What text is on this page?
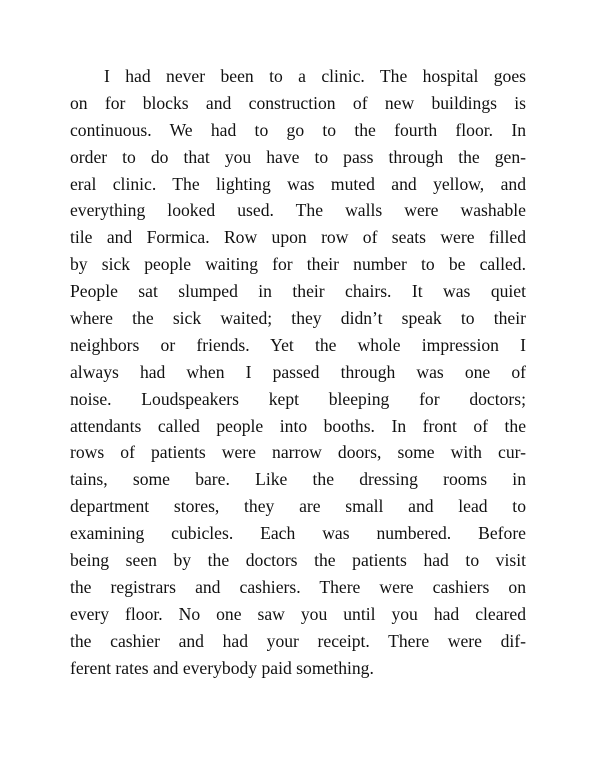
I had never been to a clinic. The hospital goes
on for blocks and construction of new buildings is
continuous. We had to go to the fourth floor. In
order to do that you have to pass through the gen-
eral clinic. The lighting was muted and yellow, and
everything looked used. The walls were washable
tile and Formica. Row upon row of seats were filled
by sick people waiting for their number to be called.
People sat slumped in their chairs. It was quiet
where the sick waited; they didn’t speak to their
neighbors or friends. Yet the whole impression I
always had when I passed through was one of
noise. Loudspeakers kept bleeping for doctors;
attendants called people into booths. In front of the
rows of patients were narrow doors, some with cur-
tains, some bare. Like the dressing rooms in
department stores, they are small and lead to
examining cubicles. Each was numbered. Before
being seen by the doctors the patients had to visit
the registrars and cashiers. There were cashiers on
every floor. No one saw you until you had cleared
the cashier and had your receipt. There were dif-
ferent rates and everybody paid something.
